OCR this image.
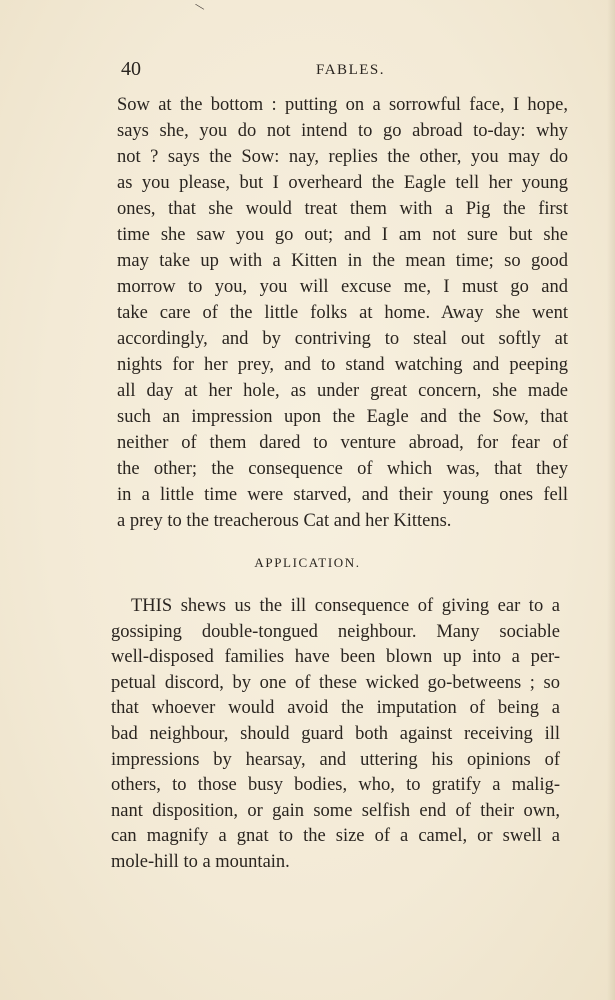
\
40	FABLES.
Sow at the bottom : putting on a sorrowful face, I hope,
says she, you do not intend to go abroad to-day: why
not ? says the Sow: nay, replies the other, you may do
as you please, but I overheard the Eagle tell her young
ones, that she would treat them with a Pig the first
time she saw you go out; and I am not sure but she
may take up with a Kitten in the mean time; so good
morrow to you, you will excuse me, I must go and
take care of the little folks at home. Away she went
accordingly, and by contriving to steal out softly at
nights for her prey, and to stand watching and peeping
all day at her hole, as under great concern, she made
such an impression upon the Eagle and the Sow, that
neither of them dared to venture abroad, for fear of
the other; the consequence of which was, that they
in a little time were starved, and their young ones fell
a prey to the treacherous Cat and her Kittens.
APPLICATION.
THIS shews us the ill consequence of giving ear to a
gossiping double-tongued neighbour. Many sociable
well-disposed families have been blown up into a per-
petual discord, by one of these wicked go-betweens ; so
that whoever would avoid the imputation of being a
bad neighbour, should guard both against receiving ill
impressions by hearsay, and uttering his opinions of
others, to those busy bodies, who, to gratify a malig-
nant disposition, or gain some selfish end of their own,
can magnify a gnat to the size of a camel, or swell a
mole-hill to a mountain.
